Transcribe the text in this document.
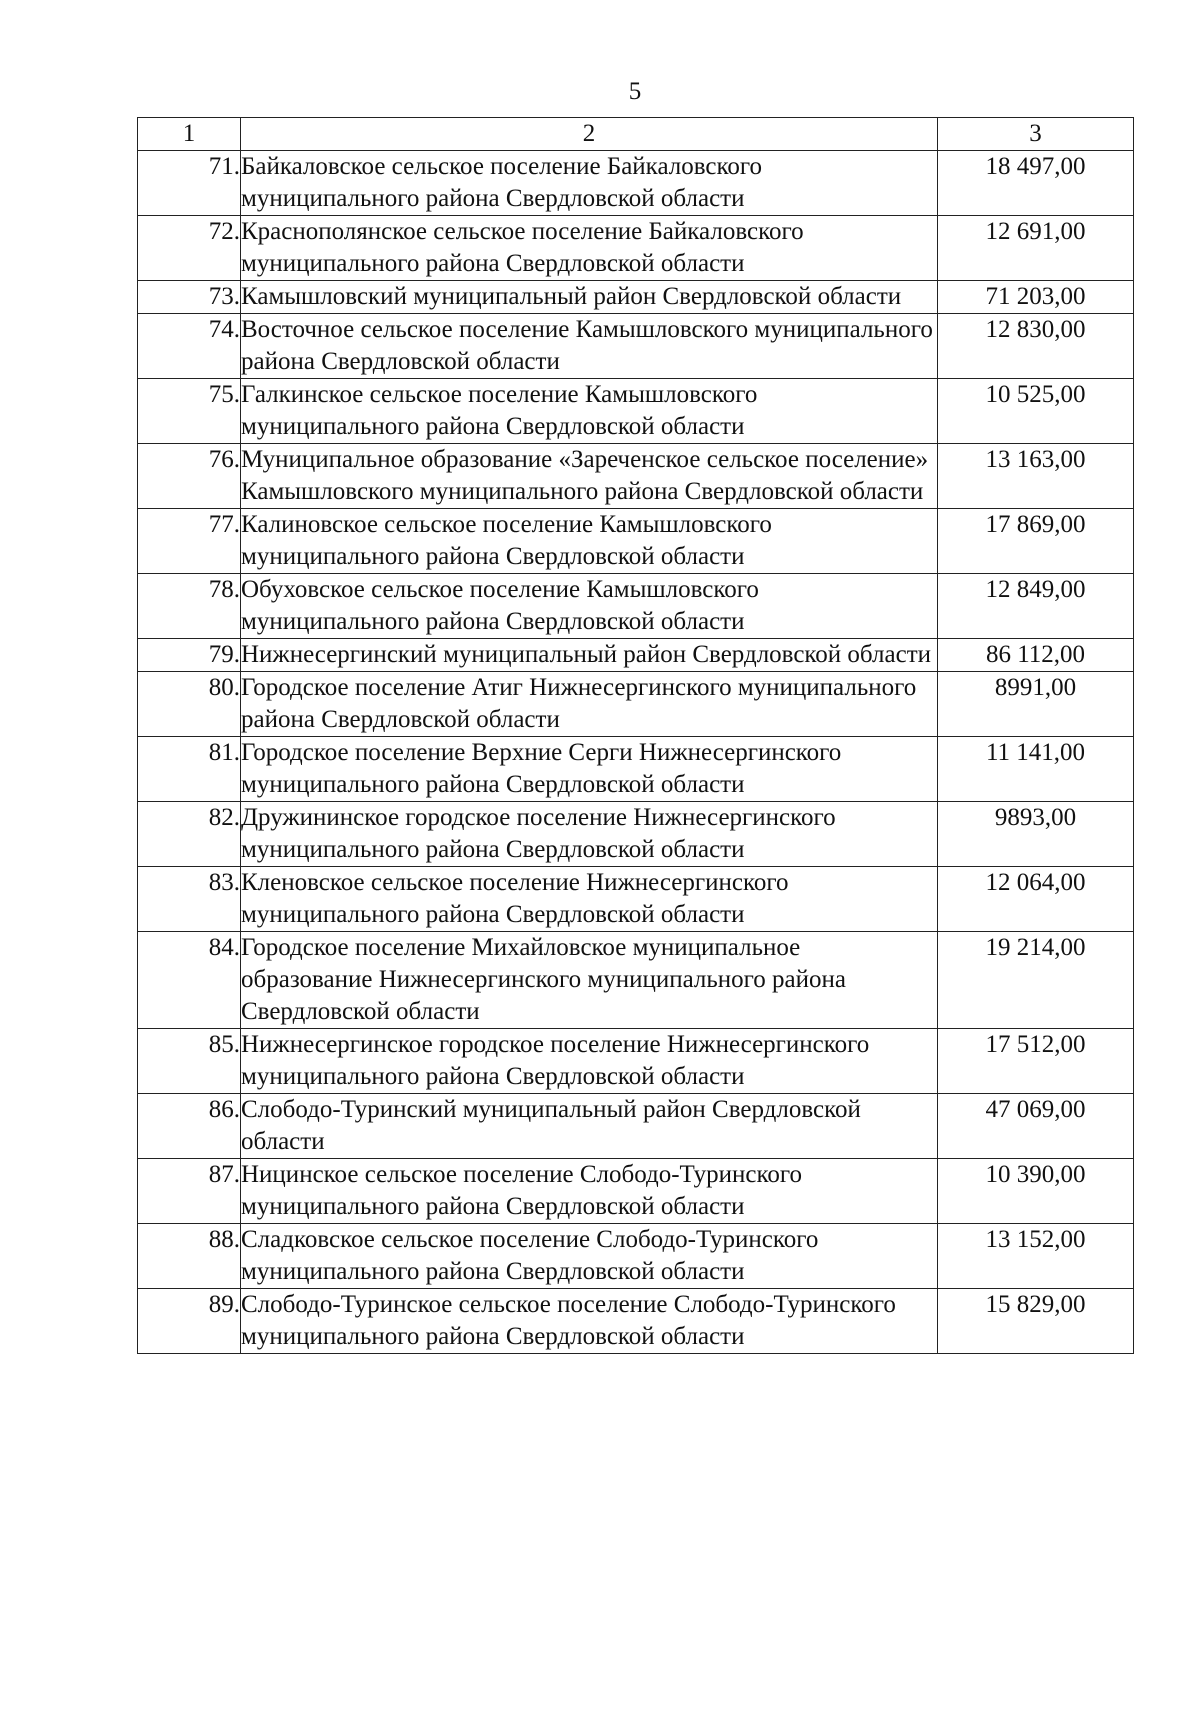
5
1	2	3
71.	Байкаловское сельское поселение Байкаловского муниципального района Свердловской области	18 497,00
72.	Краснополянское сельское поселение Байкаловского муниципального района Свердловской области	12 691,00
73.	Камышловский муниципальный район Свердловской области	71 203,00
74.	Восточное сельское поселение Камышловского муниципального района Свердловской области	12 830,00
75.	Галкинское сельское поселение Камышловского муниципального района Свердловской области	10 525,00
76.	Муниципальное образование «Зареченское сельское поселение» Камышловского муниципального района Свердловской области	13 163,00
77.	Калиновское сельское поселение Камышловского муниципального района Свердловской области	17 869,00
78.	Обуховское сельское поселение Камышловского муниципального района Свердловской области	12 849,00
79.	Нижнесергинский муниципальный район Свердловской области	86 112,00
80.	Городское поселение Атиг Нижнесергинского муниципального района Свердловской области	8991,00
81.	Городское поселение Верхние Серги Нижнесергинского муниципального района Свердловской области	11 141,00
82.	Дружининское городское поселение Нижнесергинского муниципального района Свердловской области	9893,00
83.	Кленовское сельское поселение Нижнесергинского муниципального района Свердловской области	12 064,00
84.	Городское поселение Михайловское муниципальное образование Нижнесергинского муниципального района Свердловской области	19 214,00
85.	Нижнесергинское городское поселение Нижнесергинского муниципального района Свердловской области	17 512,00
86.	Слободо-Туринский муниципальный район Свердловской области	47 069,00
87.	Ницинское сельское поселение Слободо-Туринского муниципального района Свердловской области	10 390,00
88.	Сладковское сельское поселение Слободо-Туринского муниципального района Свердловской области	13 152,00
89.	Слободо-Туринское сельское поселение Слободо-Туринского муниципального района Свердловской области	15 829,00
